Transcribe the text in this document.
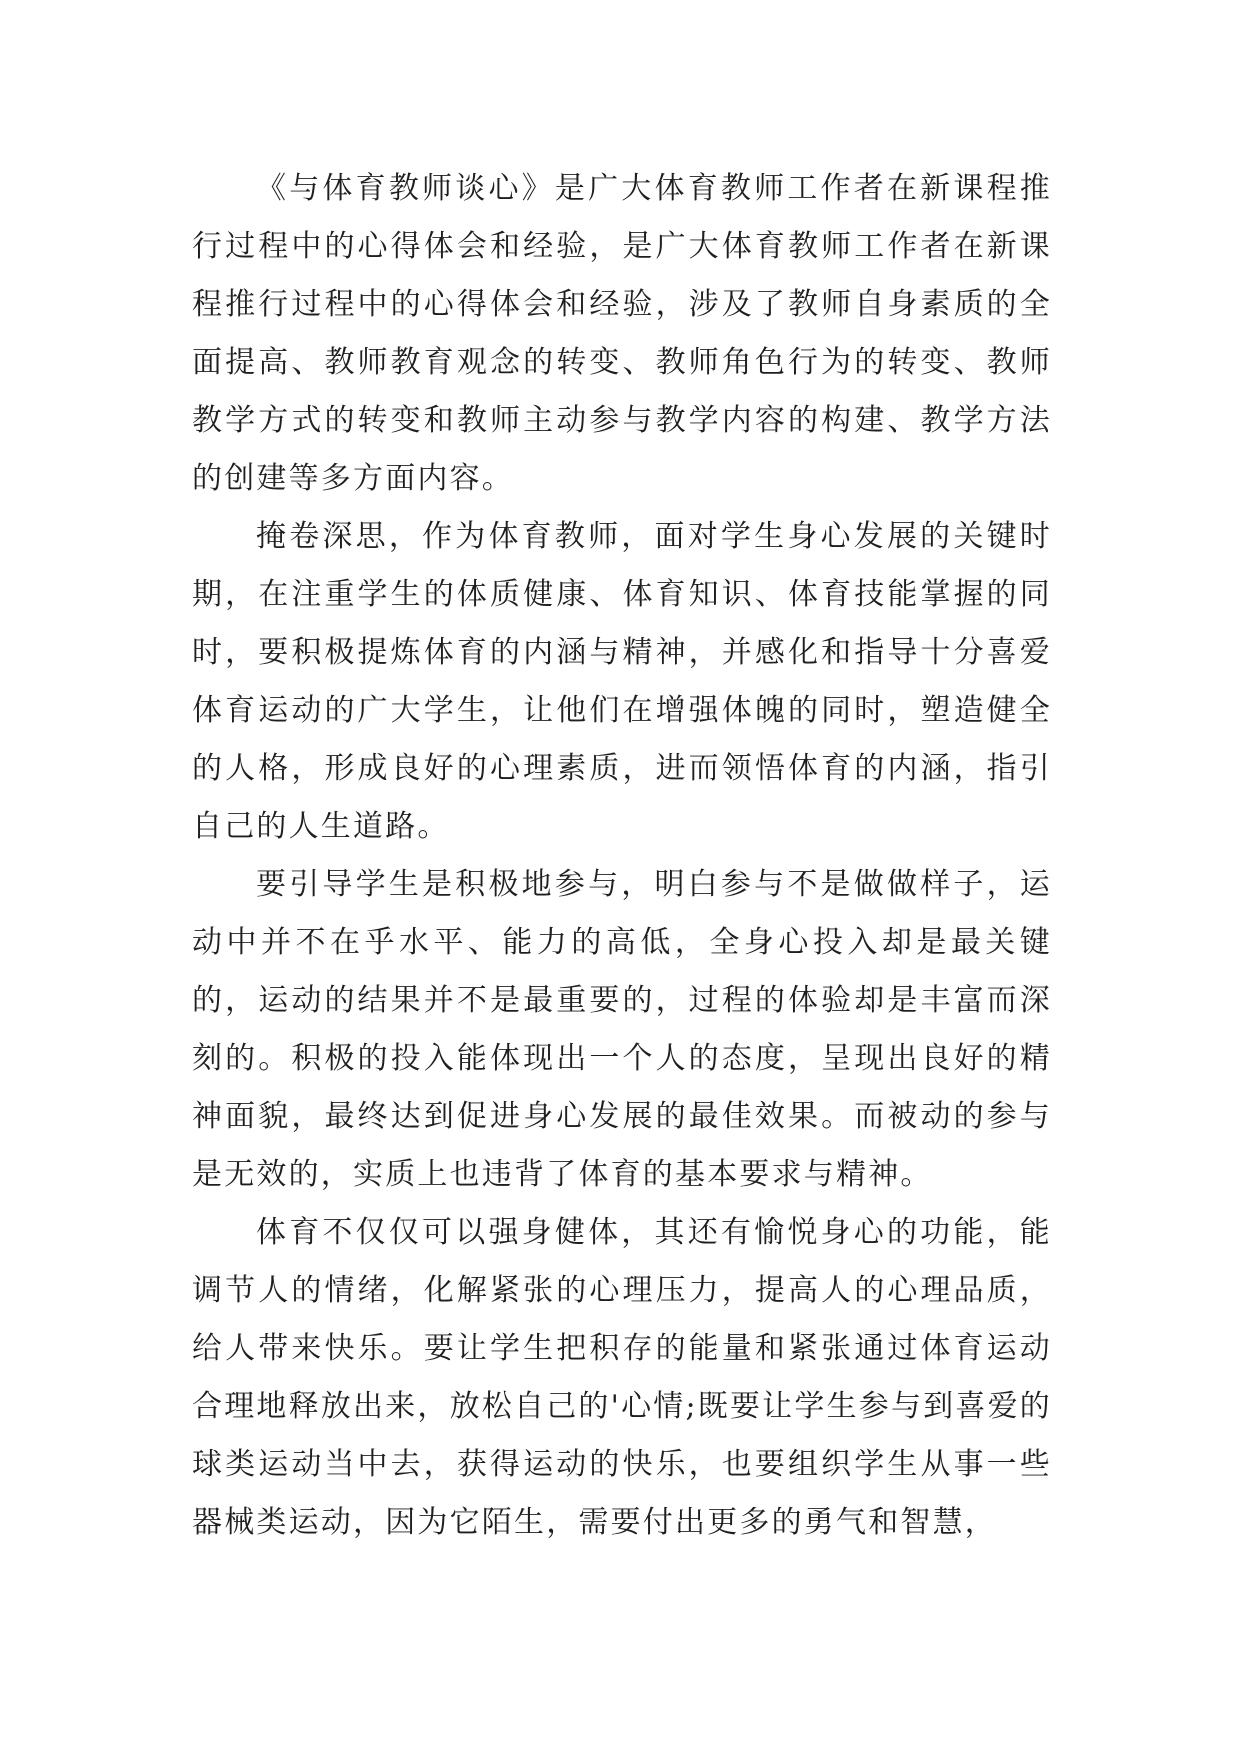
《与体育教师谈心》是广大体育教师工作者在新课程推行过程中的心得体会和经验，是广大体育教师工作者在新课程推行过程中的心得体会和经验，涉及了教师自身素质的全面提高、教师教育观念的转变、教师角色行为的转变、教师教学方式的转变和教师主动参与教学内容的构建、教学方法的创建等多方面内容。

掩卷深思，作为体育教师，面对学生身心发展的关键时期，在注重学生的体质健康、体育知识、体育技能掌握的同时，要积极提炼体育的内涵与精神，并感化和指导十分喜爱体育运动的广大学生，让他们在增强体魄的同时，塑造健全的人格，形成良好的心理素质，进而领悟体育的内涵，指引自己的人生道路。

要引导学生是积极地参与，明白参与不是做做样子，运动中并不在乎水平、能力的高低，全身心投入却是最关键的，运动的结果并不是最重要的，过程的体验却是丰富而深刻的。积极的投入能体现出一个人的态度，呈现出良好的精神面貌，最终达到促进身心发展的最佳效果。而被动的参与是无效的，实质上也违背了体育的基本要求与精神。

体育不仅仅可以强身健体，其还有愉悦身心的功能，能调节人的情绪，化解紧张的心理压力，提高人的心理品质，给人带来快乐。要让学生把积存的能量和紧张通过体育运动合理地释放出来，放松自己的'心情;既要让学生参与到喜爱的球类运动当中去，获得运动的快乐，也要组织学生从事一些器械类运动，因为它陌生，需要付出更多的勇气和智慧，
